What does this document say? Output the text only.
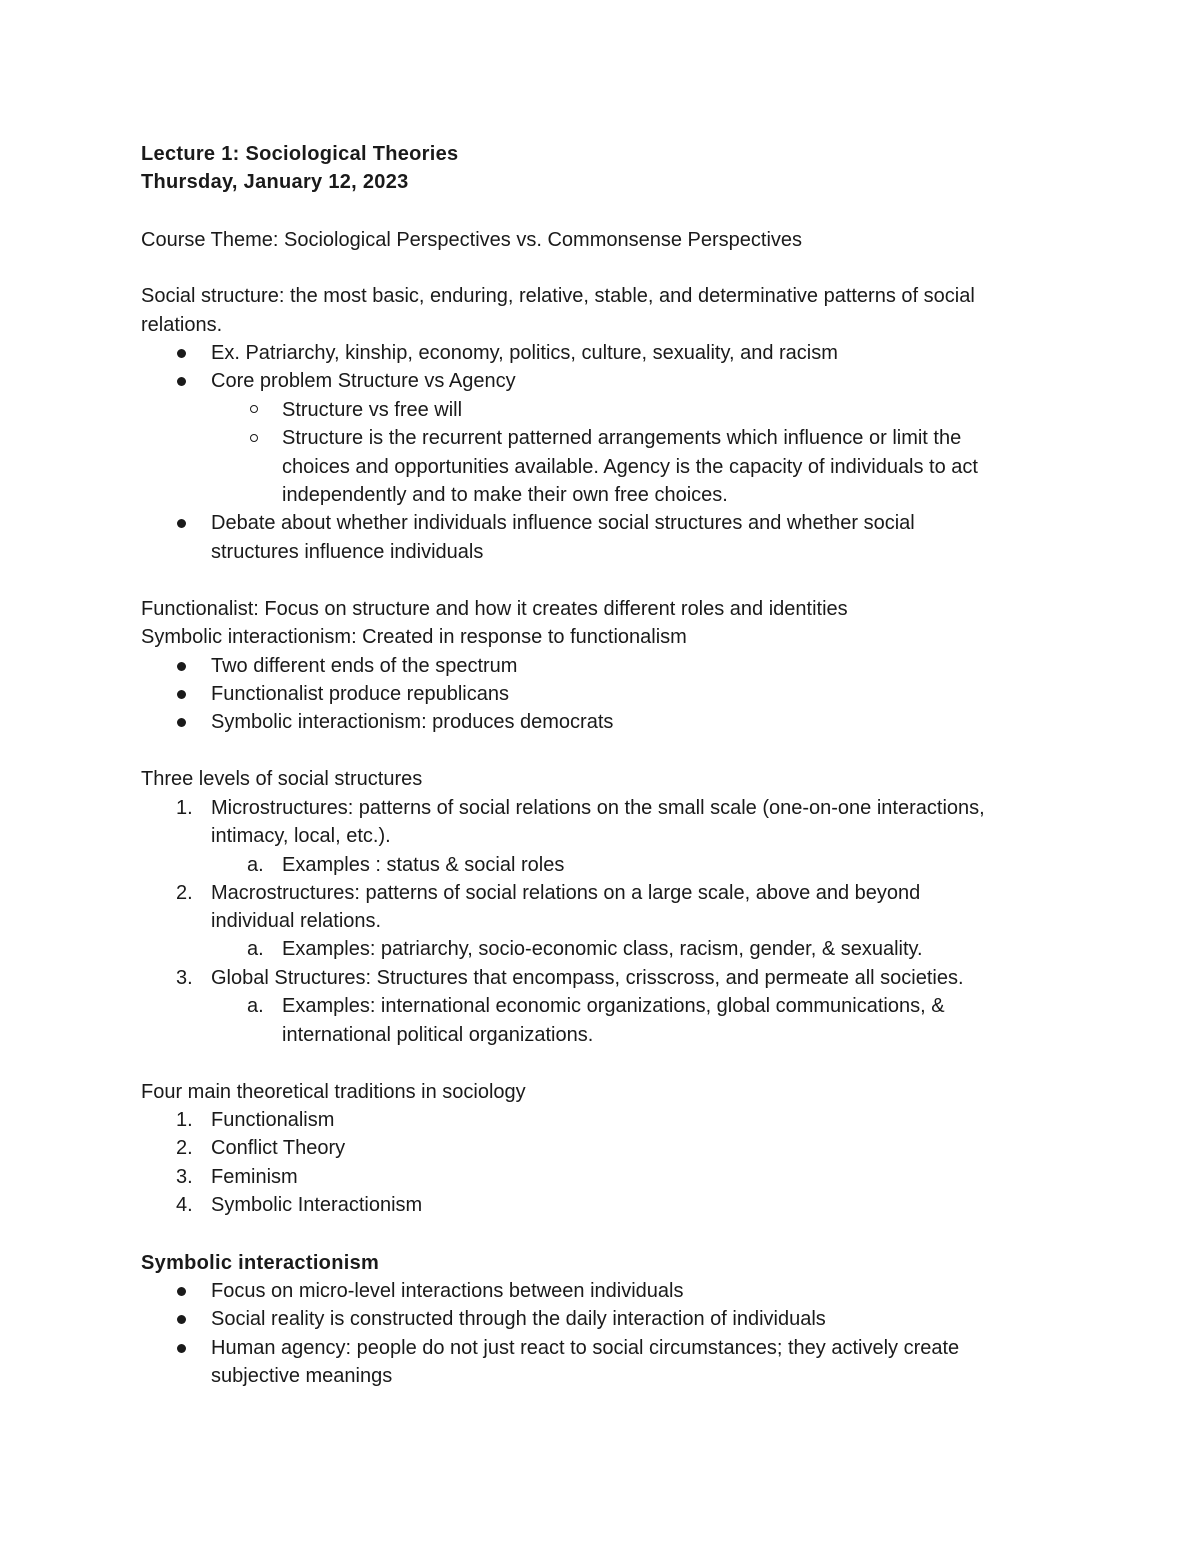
Lecture 1: Sociological Theories
Thursday, January 12, 2023
Course Theme: Sociological Perspectives vs. Commonsense Perspectives
Social structure: the most basic, enduring, relative, stable, and determinative patterns of social
relations.
Ex. Patriarchy, kinship, economy, politics, culture, sexuality, and racism
Core problem Structure vs Agency
Structure vs free will
Structure is the recurrent patterned arrangements which influence or limit the
choices and opportunities available. Agency is the capacity of individuals to act
independently and to make their own free choices.
Debate about whether individuals influence social structures and whether social
structures influence individuals
Functionalist: Focus on structure and how it creates different roles and identities
Symbolic interactionism: Created in response to functionalism
Two different ends of the spectrum
Functionalist produce republicans
Symbolic interactionism: produces democrats
Three levels of social structures
1. Microstructures: patterns of social relations on the small scale (one-on-one interactions,
intimacy, local, etc.).
a. Examples : status & social roles
2. Macrostructures: patterns of social relations on a large scale, above and beyond
individual relations.
a. Examples: patriarchy, socio-economic class, racism, gender, & sexuality.
3. Global Structures: Structures that encompass, crisscross, and permeate all societies.
a. Examples: international economic organizations, global communications, &
international political organizations.
Four main theoretical traditions in sociology
1. Functionalism
2. Conflict Theory
3. Feminism
4. Symbolic Interactionism
Symbolic interactionism
Focus on micro-level interactions between individuals
Social reality is constructed through the daily interaction of individuals
Human agency: people do not just react to social circumstances; they actively create
subjective meanings
